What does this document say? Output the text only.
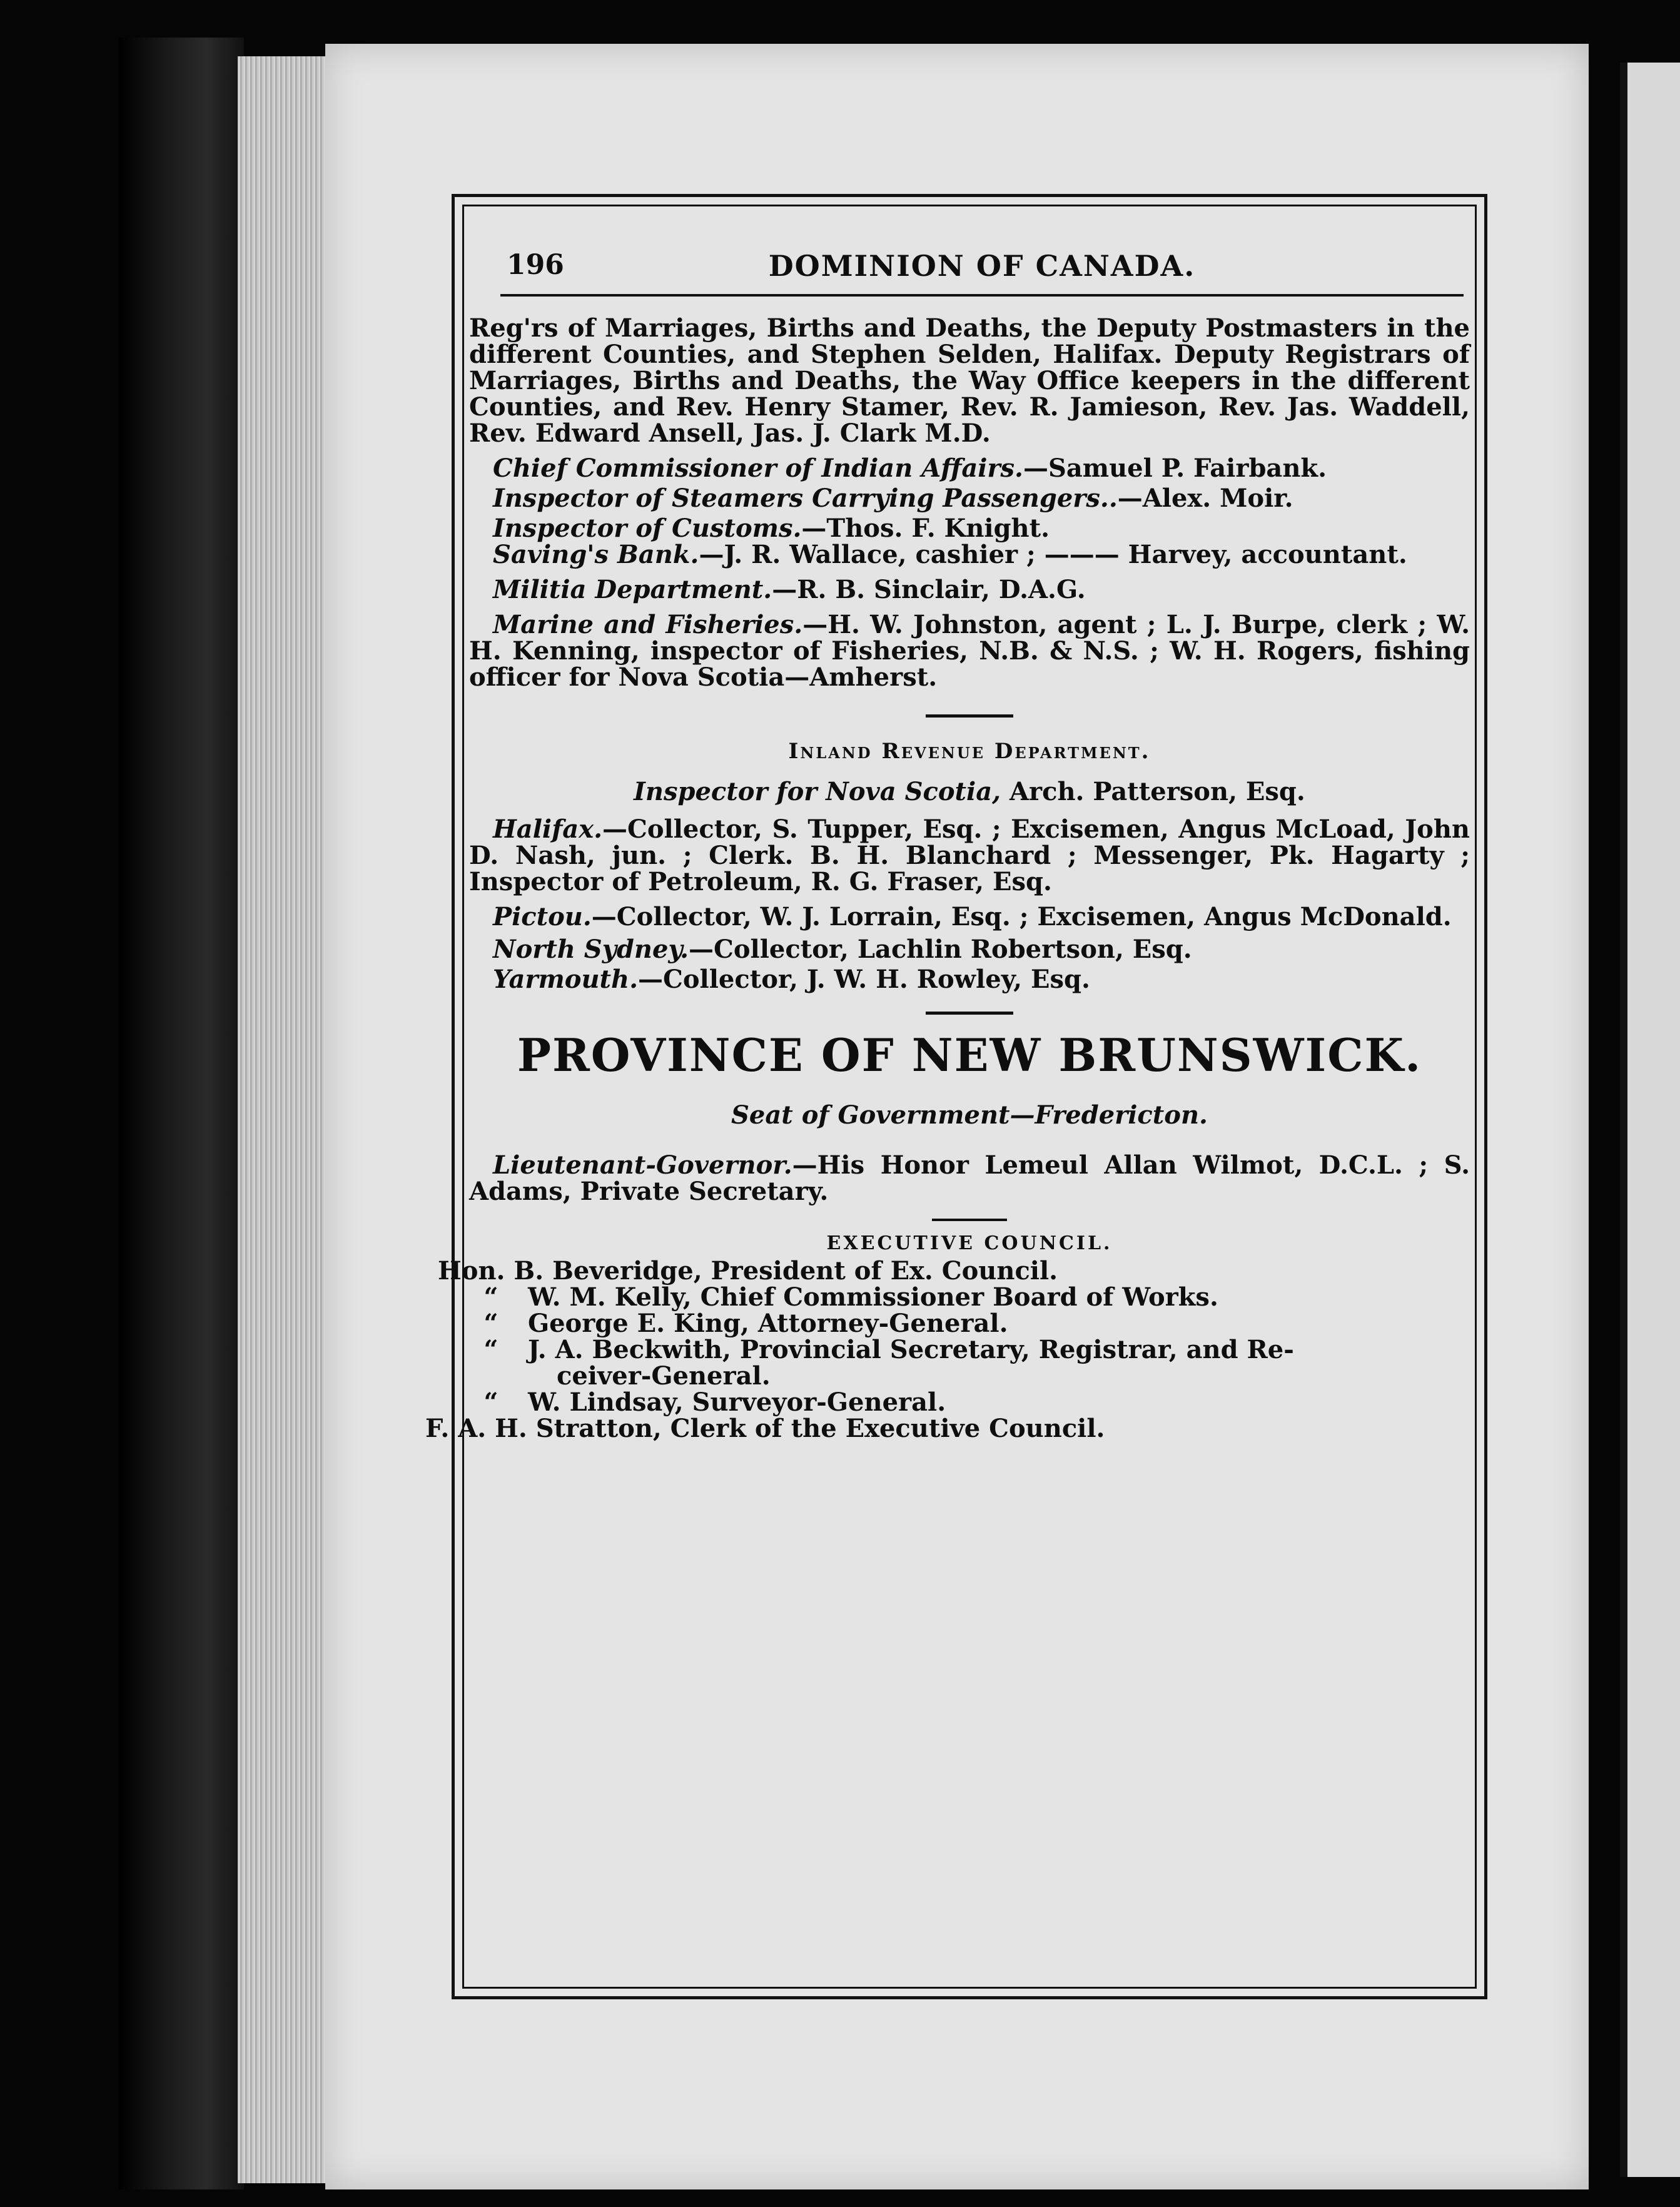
196	DOMINION OF CANADA.

Reg'rs of Marriages, Births and Deaths, the Deputy Postmasters in the different Counties, and Stephen Selden, Halifax. Deputy Registrars of Marriages, Births and Deaths, the Way Office keepers in the different Counties, and Rev. Henry Stamer, Rev. R. Jamieson, Rev. Jas. Waddell, Rev. Edward Ansell, Jas. J. Clark M.D.

Chief Commissioner of Indian Affairs.—Samuel P. Fairbank.

Inspector of Steamers Carrying Passengers..—Alex. Moir.

Inspector of Customs.—Thos. F. Knight.

Saving's Bank.—J. R. Wallace, cashier ; ——— Harvey, accountant.

Militia Department.—R. B. Sinclair, D.A.G.

Marine and Fisheries.—H. W. Johnston, agent ; L. J. Burpe, clerk ; W. H. Kenning, inspector of Fisheries, N.B. & N.S. ; W. H. Rogers, fishing officer for Nova Scotia—Amherst.

Inland Revenue Department.

Inspector for Nova Scotia, Arch. Patterson, Esq.

Halifax.—Collector, S. Tupper, Esq. ; Excisemen, Angus McLoad, John D. Nash, jun. ; Clerk. B. H. Blanchard ; Messenger, Pk. Hagarty ; Inspector of Petroleum, R. G. Fraser, Esq.

Pictou.—Collector, W. J. Lorrain, Esq. ; Excisemen, Angus McDonald.

North Sydney.—Collector, Lachlin Robertson, Esq.

Yarmouth.—Collector, J. W. H. Rowley, Esq.

PROVINCE OF NEW BRUNSWICK.
Seat of Government—Fredericton.

Lieutenant-Governor.—His Honor Lemeul Allan Wilmot, D.C.L. ; S. Adams, Private Secretary.

EXECUTIVE COUNCIL.
Hon. B. Beveridge, President of Ex. Council.
“ W. M. Kelly, Chief Commissioner Board of Works.
“ George E. King, Attorney-General.
“ J. A. Beckwith, Provincial Secretary, Registrar, and Re-
ceiver-General.
“ W. Lindsay, Surveyor-General.
F. A. H. Stratton, Clerk of the Executive Council.
